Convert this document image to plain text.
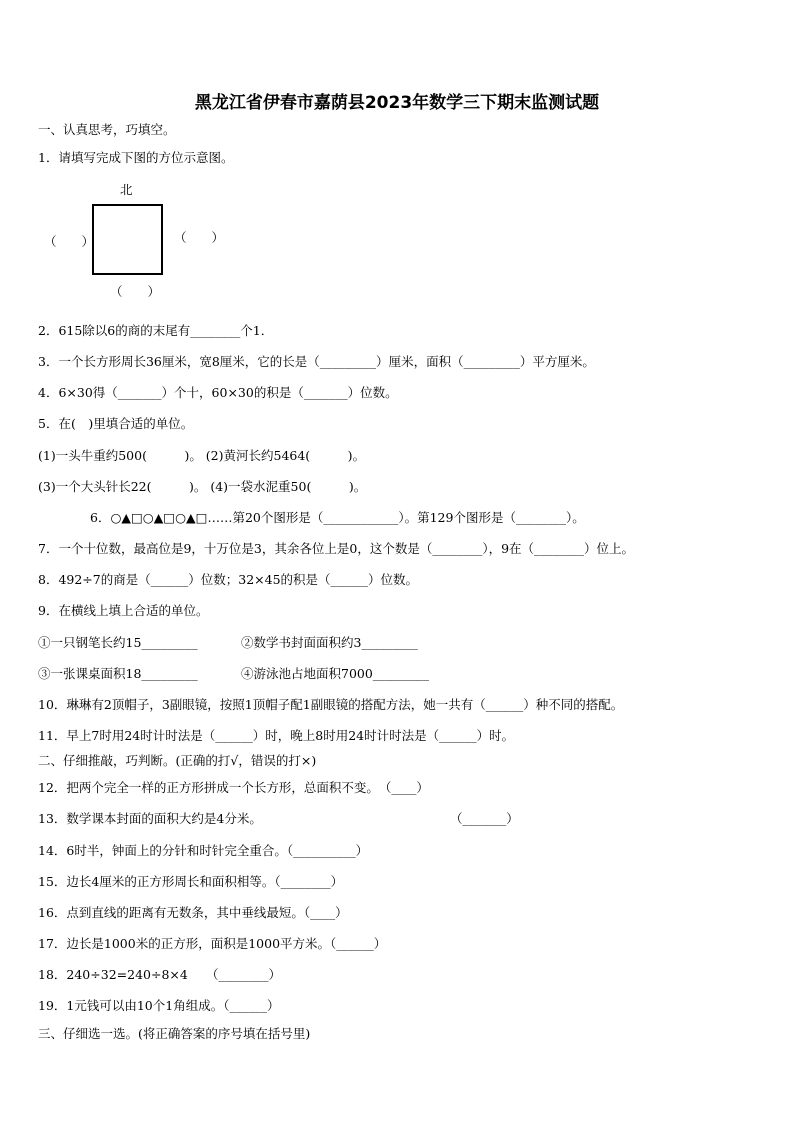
黑龙江省伊春市嘉荫县2023年数学三下期末监测试题
一、认真思考，巧填空。
1．请填写完成下图的方位示意图。
北
（　　）	（　　）
（　　）
2．615除以6的商的末尾有________个1．
3．一个长方形周长36厘米，宽8厘米，它的长是（_________）厘米，面积（_________）平方厘米。
4．6×30得（_______）个十，60×30的积是（_______）位数。
5．在(　)里填合适的单位。
(1)一头牛重约500(　　　)。 (2)黄河长约5464(　　　)。
(3)一个大头针长22(　　　)。 (4)一袋水泥重50(　　　)。
6．○▲□○▲□○▲□……第20个图形是（____________）。第129个图形是（________）。
7．一个十位数，最高位是9，十万位是3，其余各位上是0，这个数是（________），9在（________）位上。
8．492÷7的商是（______）位数；32×45的积是（______）位数。
9．在横线上填上合适的单位。
①一只钢笔长约15_________	②数学书封面面积约3_________
③一张课桌面积18_________	④游泳池占地面积7000_________
10．琳琳有2顶帽子，3副眼镜，按照1顶帽子配1副眼镜的搭配方法，她一共有（______）种不同的搭配。
11．早上7时用24时计时法是（______）时，晚上8时用24时计时法是（______）时。
二、仔细推敲，巧判断。(正确的打√，错误的打×)
12．把两个完全一样的正方形拼成一个长方形，总面积不变。　（____）
13．数学课本封面的面积大约是4分米。	（_______）
14．6时半，钟面上的分针和时针完全重合。（__________）
15．边长4厘米的正方形周长和面积相等。（________）
16．点到直线的距离有无数条，其中垂线最短。（____）
17．边长是1000米的正方形，面积是1000平方米。（______）
18．240÷32=240÷8×4 （________）
19．1元钱可以由10个1角组成。（______）
三、仔细选一选。(将正确答案的序号填在括号里)
